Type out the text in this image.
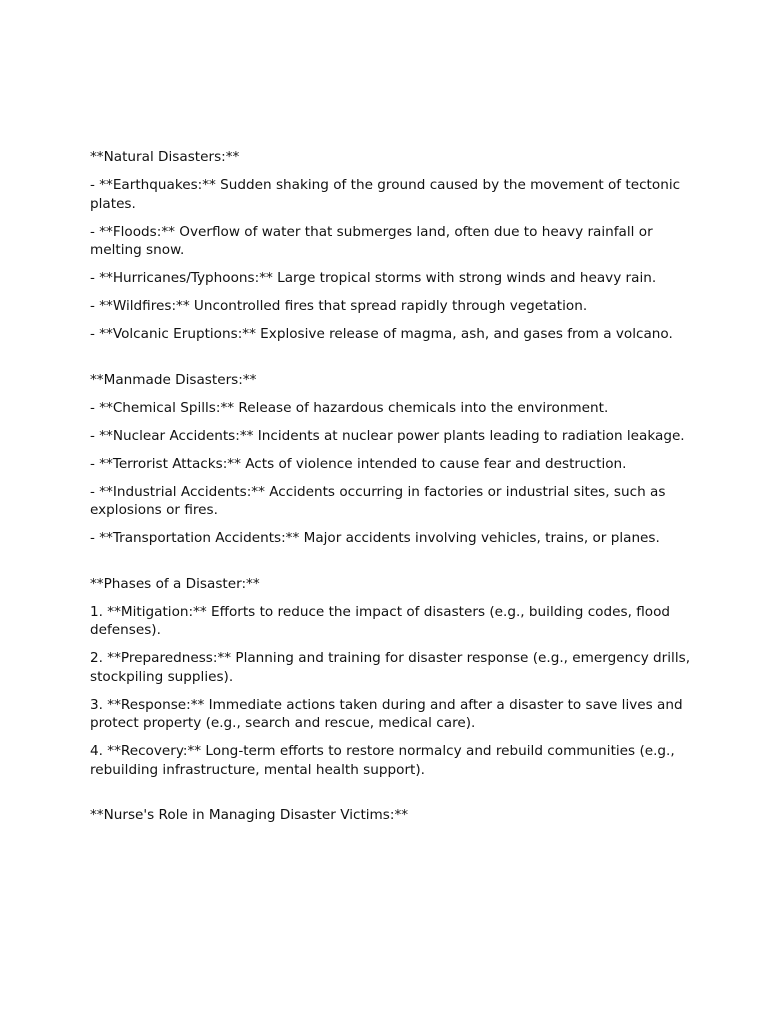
**Natural Disasters:**

- **Earthquakes:** Sudden shaking of the ground caused by the movement of tectonic plates.

- **Floods:** Overflow of water that submerges land, often due to heavy rainfall or melting snow.

- **Hurricanes/Typhoons:** Large tropical storms with strong winds and heavy rain.

- **Wildfires:** Uncontrolled fires that spread rapidly through vegetation.

- **Volcanic Eruptions:** Explosive release of magma, ash, and gases from a volcano.

**Manmade Disasters:**

- **Chemical Spills:** Release of hazardous chemicals into the environment.

- **Nuclear Accidents:** Incidents at nuclear power plants leading to radiation leakage.

- **Terrorist Attacks:** Acts of violence intended to cause fear and destruction.

- **Industrial Accidents:** Accidents occurring in factories or industrial sites, such as explosions or fires.

- **Transportation Accidents:** Major accidents involving vehicles, trains, or planes.

**Phases of a Disaster:**

1. **Mitigation:** Efforts to reduce the impact of disasters (e.g., building codes, flood defenses).

2. **Preparedness:** Planning and training for disaster response (e.g., emergency drills, stockpiling supplies).

3. **Response:** Immediate actions taken during and after a disaster to save lives and protect property (e.g., search and rescue, medical care).

4. **Recovery:** Long-term efforts to restore normalcy and rebuild communities (e.g., rebuilding infrastructure, mental health support).

**Nurse's Role in Managing Disaster Victims:**
